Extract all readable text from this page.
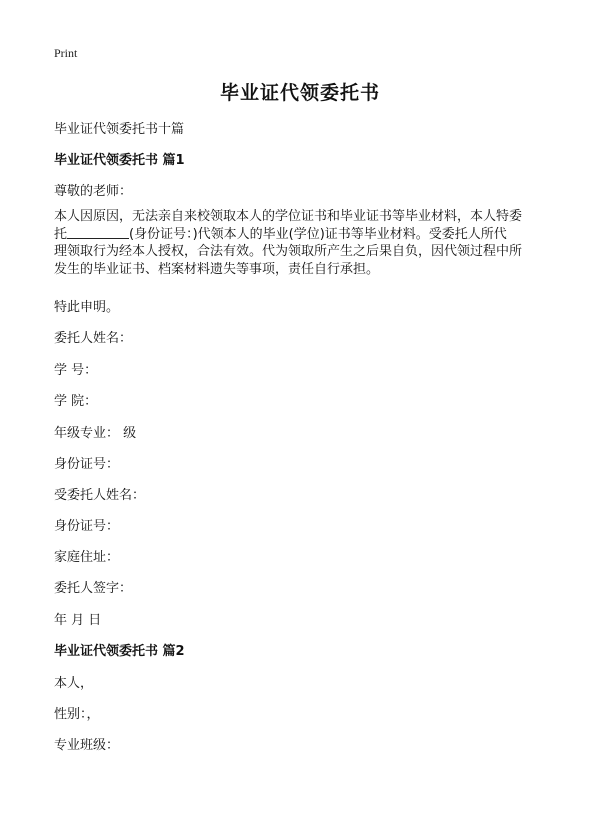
Print
毕业证代领委托书
毕业证代领委托书十篇
毕业证代领委托书 篇1
尊敬的老师：
本人因原因，无法亲自来校领取本人的学位证书和毕业证书等毕业材料，本人特委
托	(身份证号：)代领本人的毕业(学位)证书等毕业材料。受委托人所代
理领取行为经本人授权，合法有效。代为领取所产生之后果自负，因代领过程中所
发生的毕业证书、档案材料遗失等事项，责任自行承担。
特此申明。
委托人姓名：
学 号：
学 院：
年级专业： 级
身份证号：
受委托人姓名：
身份证号：
家庭住址：
委托人签字：
年 月 日
毕业证代领委托书 篇2
本人，
性别：，
专业班级：
